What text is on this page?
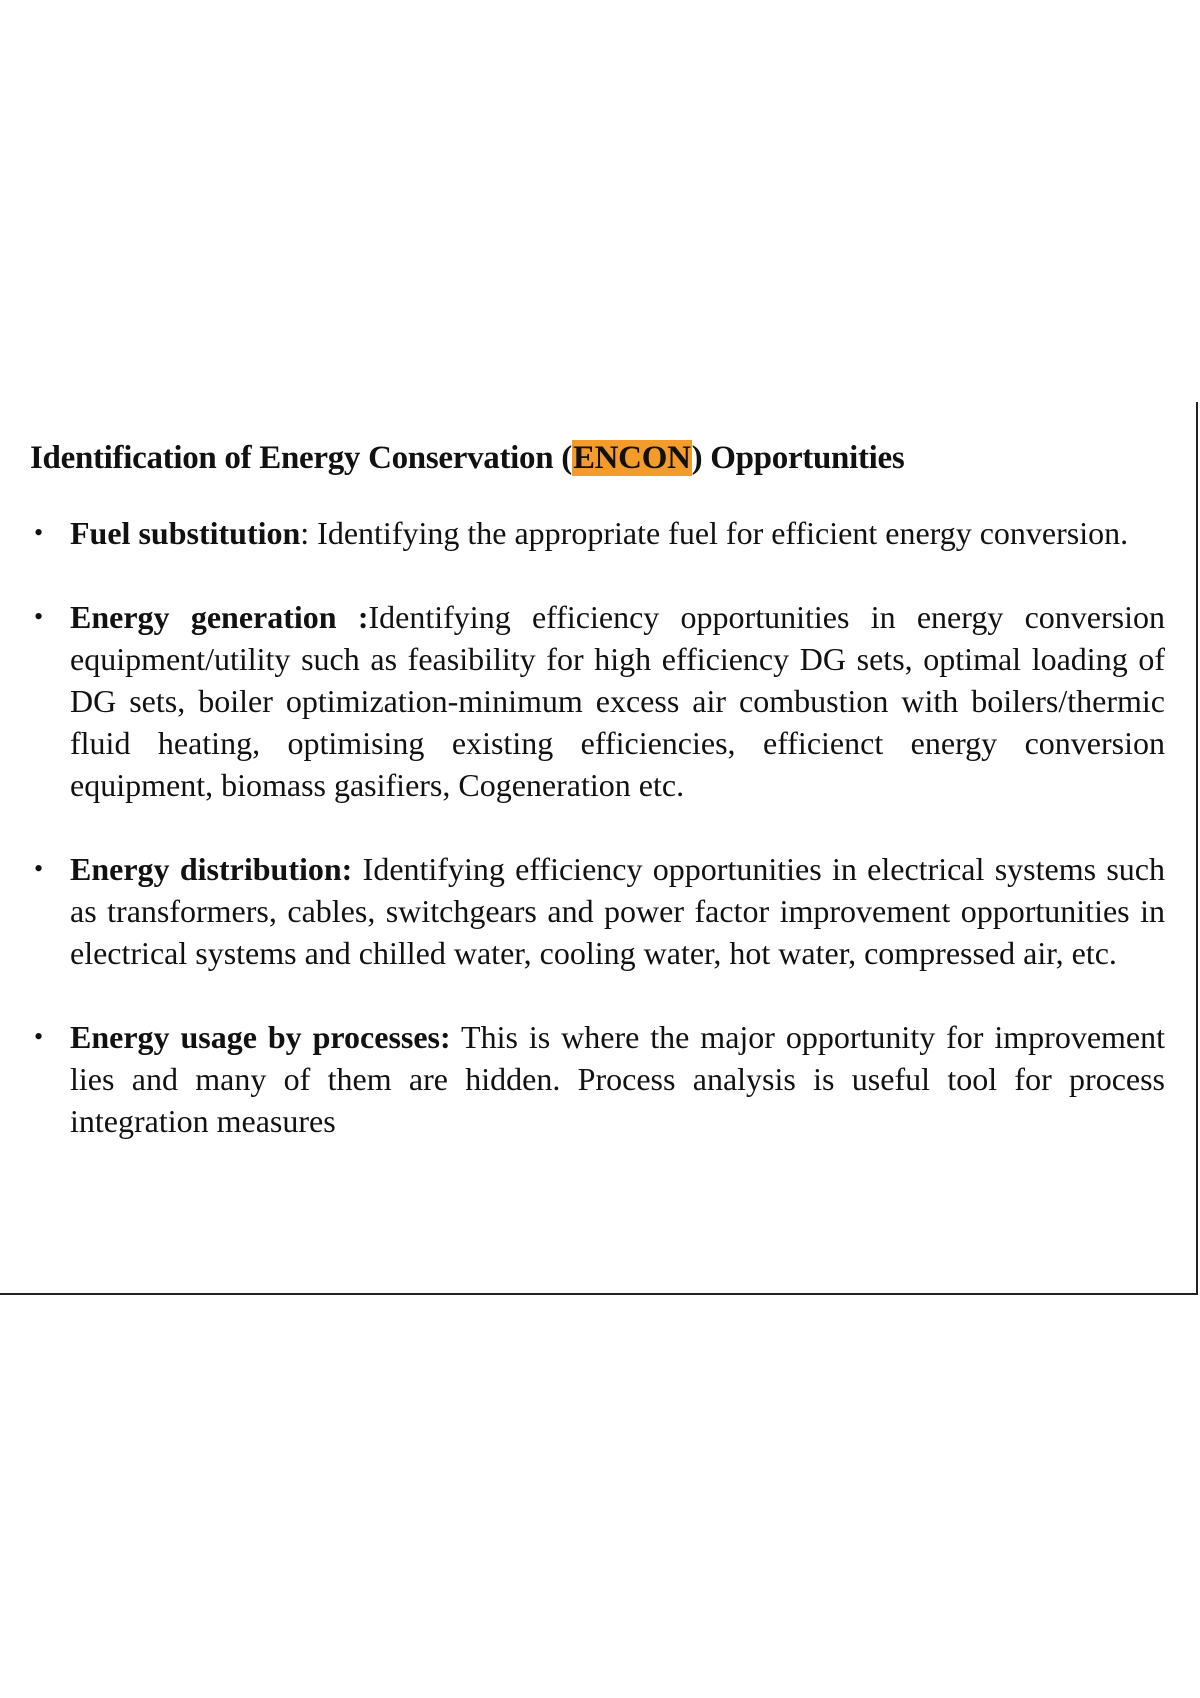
Identification of Energy Conservation (ENCON) Opportunities
• Fuel substitution: Identifying the appropriate fuel for efficient energy conversion.
• Energy generation :Identifying efficiency opportunities in energy conversion equipment/utility such as feasibility for high efficiency DG sets, optimal loading of DG sets, boiler optimization-minimum excess air combustion with boilers/thermic fluid heating, optimising existing efficiencies, efficienct energy conversion equipment, biomass gasifiers, Cogeneration etc.
• Energy distribution: Identifying efficiency opportunities in electrical systems such as transformers, cables, switchgears and power factor improvement opportunities in electrical systems and chilled water, cooling water, hot water, compressed air, etc.
• Energy usage by processes: This is where the major opportunity for improvement lies and many of them are hidden. Process analysis is useful tool for process integration measures
